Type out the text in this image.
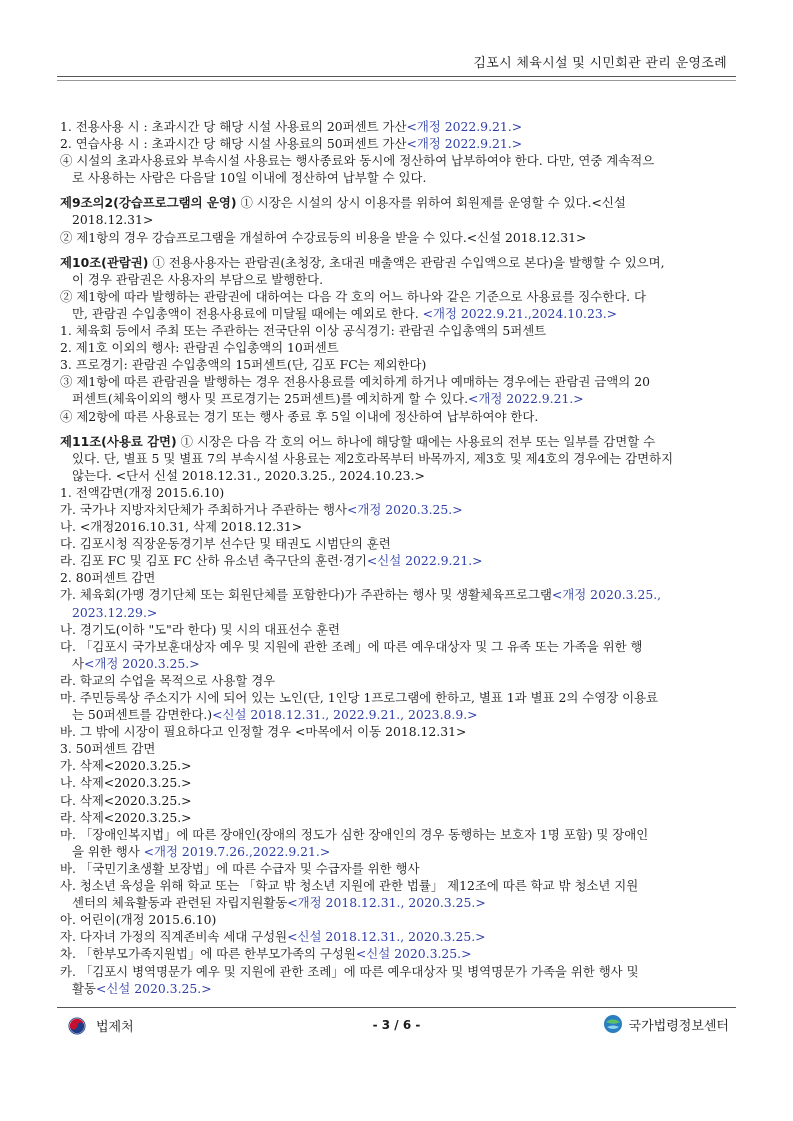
김포시 체육시설 및 시민회관 관리 운영조례
1. 전용사용 시 : 초과시간 당 해당 시설 사용료의 20퍼센트 가산<개정 2022.9.21.>
2. 연습사용 시 : 초과시간 당 해당 시설 사용료의 50퍼센트 가산<개정 2022.9.21.>
④ 시설의 초과사용료와 부속시설 사용료는 행사종료와 동시에 정산하여 납부하여야 한다. 다만, 연중 계속적으
로 사용하는 사람은 다음달 10일 이내에 정산하여 납부할 수 있다.
제9조의2(강습프로그램의 운영) ① 시장은 시설의 상시 이용자를 위하여 회원제를 운영할 수 있다.<신설
2018.12.31>
② 제1항의 경우 강습프로그램을 개설하여 수강료등의 비용을 받을 수 있다.<신설 2018.12.31>
제10조(관람권) ① 전용사용자는 관람권(초청장, 초대권 매출액은 관람권 수입액으로 본다)을 발행할 수 있으며,
이 경우 관람권은 사용자의 부담으로 발행한다.
② 제1항에 따라 발행하는 관람권에 대하여는 다음 각 호의 어느 하나와 같은 기준으로 사용료를 징수한다. 다
만, 관람권 수입총액이 전용사용료에 미달될 때에는 예외로 한다. <개정 2022.9.21.,2024.10.23.>
1. 체육회 등에서 주최 또는 주관하는 전국단위 이상 공식경기: 관람권 수입총액의 5퍼센트
2. 제1호 이외의 행사: 관람권 수입총액의 10퍼센트
3. 프로경기: 관람권 수입총액의 15퍼센트(단, 김포 FC는 제외한다)
③ 제1항에 따른 관람권을 발행하는 경우 전용사용료를 예치하게 하거나 예매하는 경우에는 관람권 금액의 20
퍼센트(체육이외의 행사 및 프로경기는 25퍼센트)를 예치하게 할 수 있다.<개정 2022.9.21.>
④ 제2항에 따른 사용료는 경기 또는 행사 종료 후 5일 이내에 정산하여 납부하여야 한다.
제11조(사용료 감면) ① 시장은 다음 각 호의 어느 하나에 해당할 때에는 사용료의 전부 또는 일부를 감면할 수
있다. 단, 별표 5 및 별표 7의 부속시설 사용료는 제2호라목부터 바목까지, 제3호 및 제4호의 경우에는 감면하지
않는다. <단서 신설 2018.12.31., 2020.3.25., 2024.10.23.>
1. 전액감면(개정 2015.6.10)
가. 국가나 지방자치단체가 주최하거나 주관하는 행사<개정 2020.3.25.>
나. <개정2016.10.31, 삭제 2018.12.31>
다. 김포시청 직장운동경기부 선수단 및 태권도 시범단의 훈련
라. 김포 FC 및 김포 FC 산하 유소년 축구단의 훈련·경기<신설 2022.9.21.>
2. 80퍼센트 감면
가. 체육회(가맹 경기단체 또는 회원단체를 포함한다)가 주관하는 행사 및 생활체육프로그램<개정 2020.3.25.,
2023.12.29.>
나. 경기도(이하 "도"라 한다) 및 시의 대표선수 훈련
다. 「김포시 국가보훈대상자 예우 및 지원에 관한 조례」에 따른 예우대상자 및 그 유족 또는 가족을 위한 행
사<개정 2020.3.25.>
라. 학교의 수업을 목적으로 사용할 경우
마. 주민등록상 주소지가 시에 되어 있는 노인(단, 1인당 1프로그램에 한하고, 별표 1과 별표 2의 수영장 이용료
는 50퍼센트를 감면한다.)<신설 2018.12.31., 2022.9.21., 2023.8.9.>
바. 그 밖에 시장이 필요하다고 인정할 경우 <마목에서 이동 2018.12.31>
3. 50퍼센트 감면
가. 삭제<2020.3.25.>
나. 삭제<2020.3.25.>
다. 삭제<2020.3.25.>
라. 삭제<2020.3.25.>
마. 「장애인복지법」에 따른 장애인(장애의 정도가 심한 장애인의 경우 동행하는 보호자 1명 포함) 및 장애인
을 위한 행사 <개정 2019.7.26.,2022.9.21.>
바. 「국민기초생활 보장법」에 따른 수급자 및 수급자를 위한 행사
사. 청소년 육성을 위해 학교 또는 「학교 밖 청소년 지원에 관한 법률」 제12조에 따른 학교 밖 청소년 지원
센터의 체육활동과 관련된 자립지원활동<개정 2018.12.31., 2020.3.25.>
아. 어린이(개정 2015.6.10)
자. 다자녀 가정의 직계존비속 세대 구성원<신설 2018.12.31., 2020.3.25.>
차. 「한부모가족지원법」에 따른 한부모가족의 구성원<신설 2020.3.25.>
카. 「김포시 병역명문가 예우 및 지원에 관한 조례」에 따른 예우대상자 및 병역명문가 가족을 위한 행사 및
활동<신설 2020.3.25.>
법제처	- 3 / 6 -	국가법령정보센터
